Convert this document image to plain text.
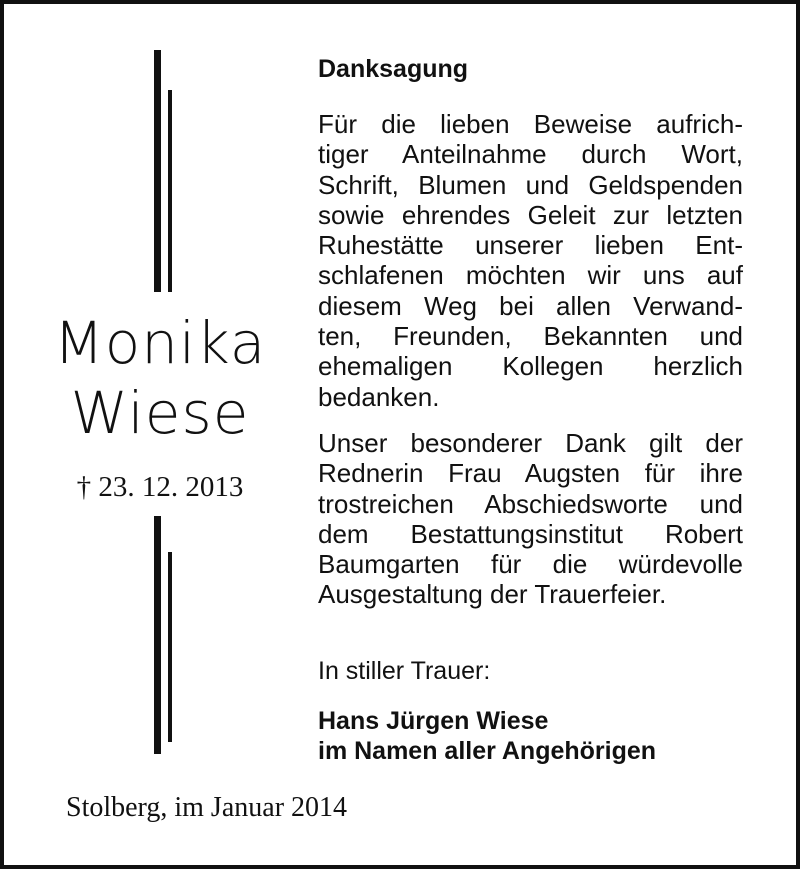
Monika
Wiese
† 23. 12. 2013
Danksagung
Für die lieben Beweise aufrich-
tiger Anteilnahme durch Wort,
Schrift, Blumen und Geldspenden
sowie ehrendes Geleit zur letzten
Ruhestätte unserer lieben Ent-
schlafenen möchten wir uns auf
diesem Weg bei allen Verwand-
ten, Freunden, Bekannten und
ehemaligen Kollegen herzlich
bedanken.
Unser besonderer Dank gilt der
Rednerin Frau Augsten für ihre
trostreichen Abschiedsworte und
dem Bestattungsinstitut Robert
Baumgarten für die würdevolle
Ausgestaltung der Trauerfeier.
In stiller Trauer:
Hans Jürgen Wiese
im Namen aller Angehörigen
Stolberg, im Januar 2014
